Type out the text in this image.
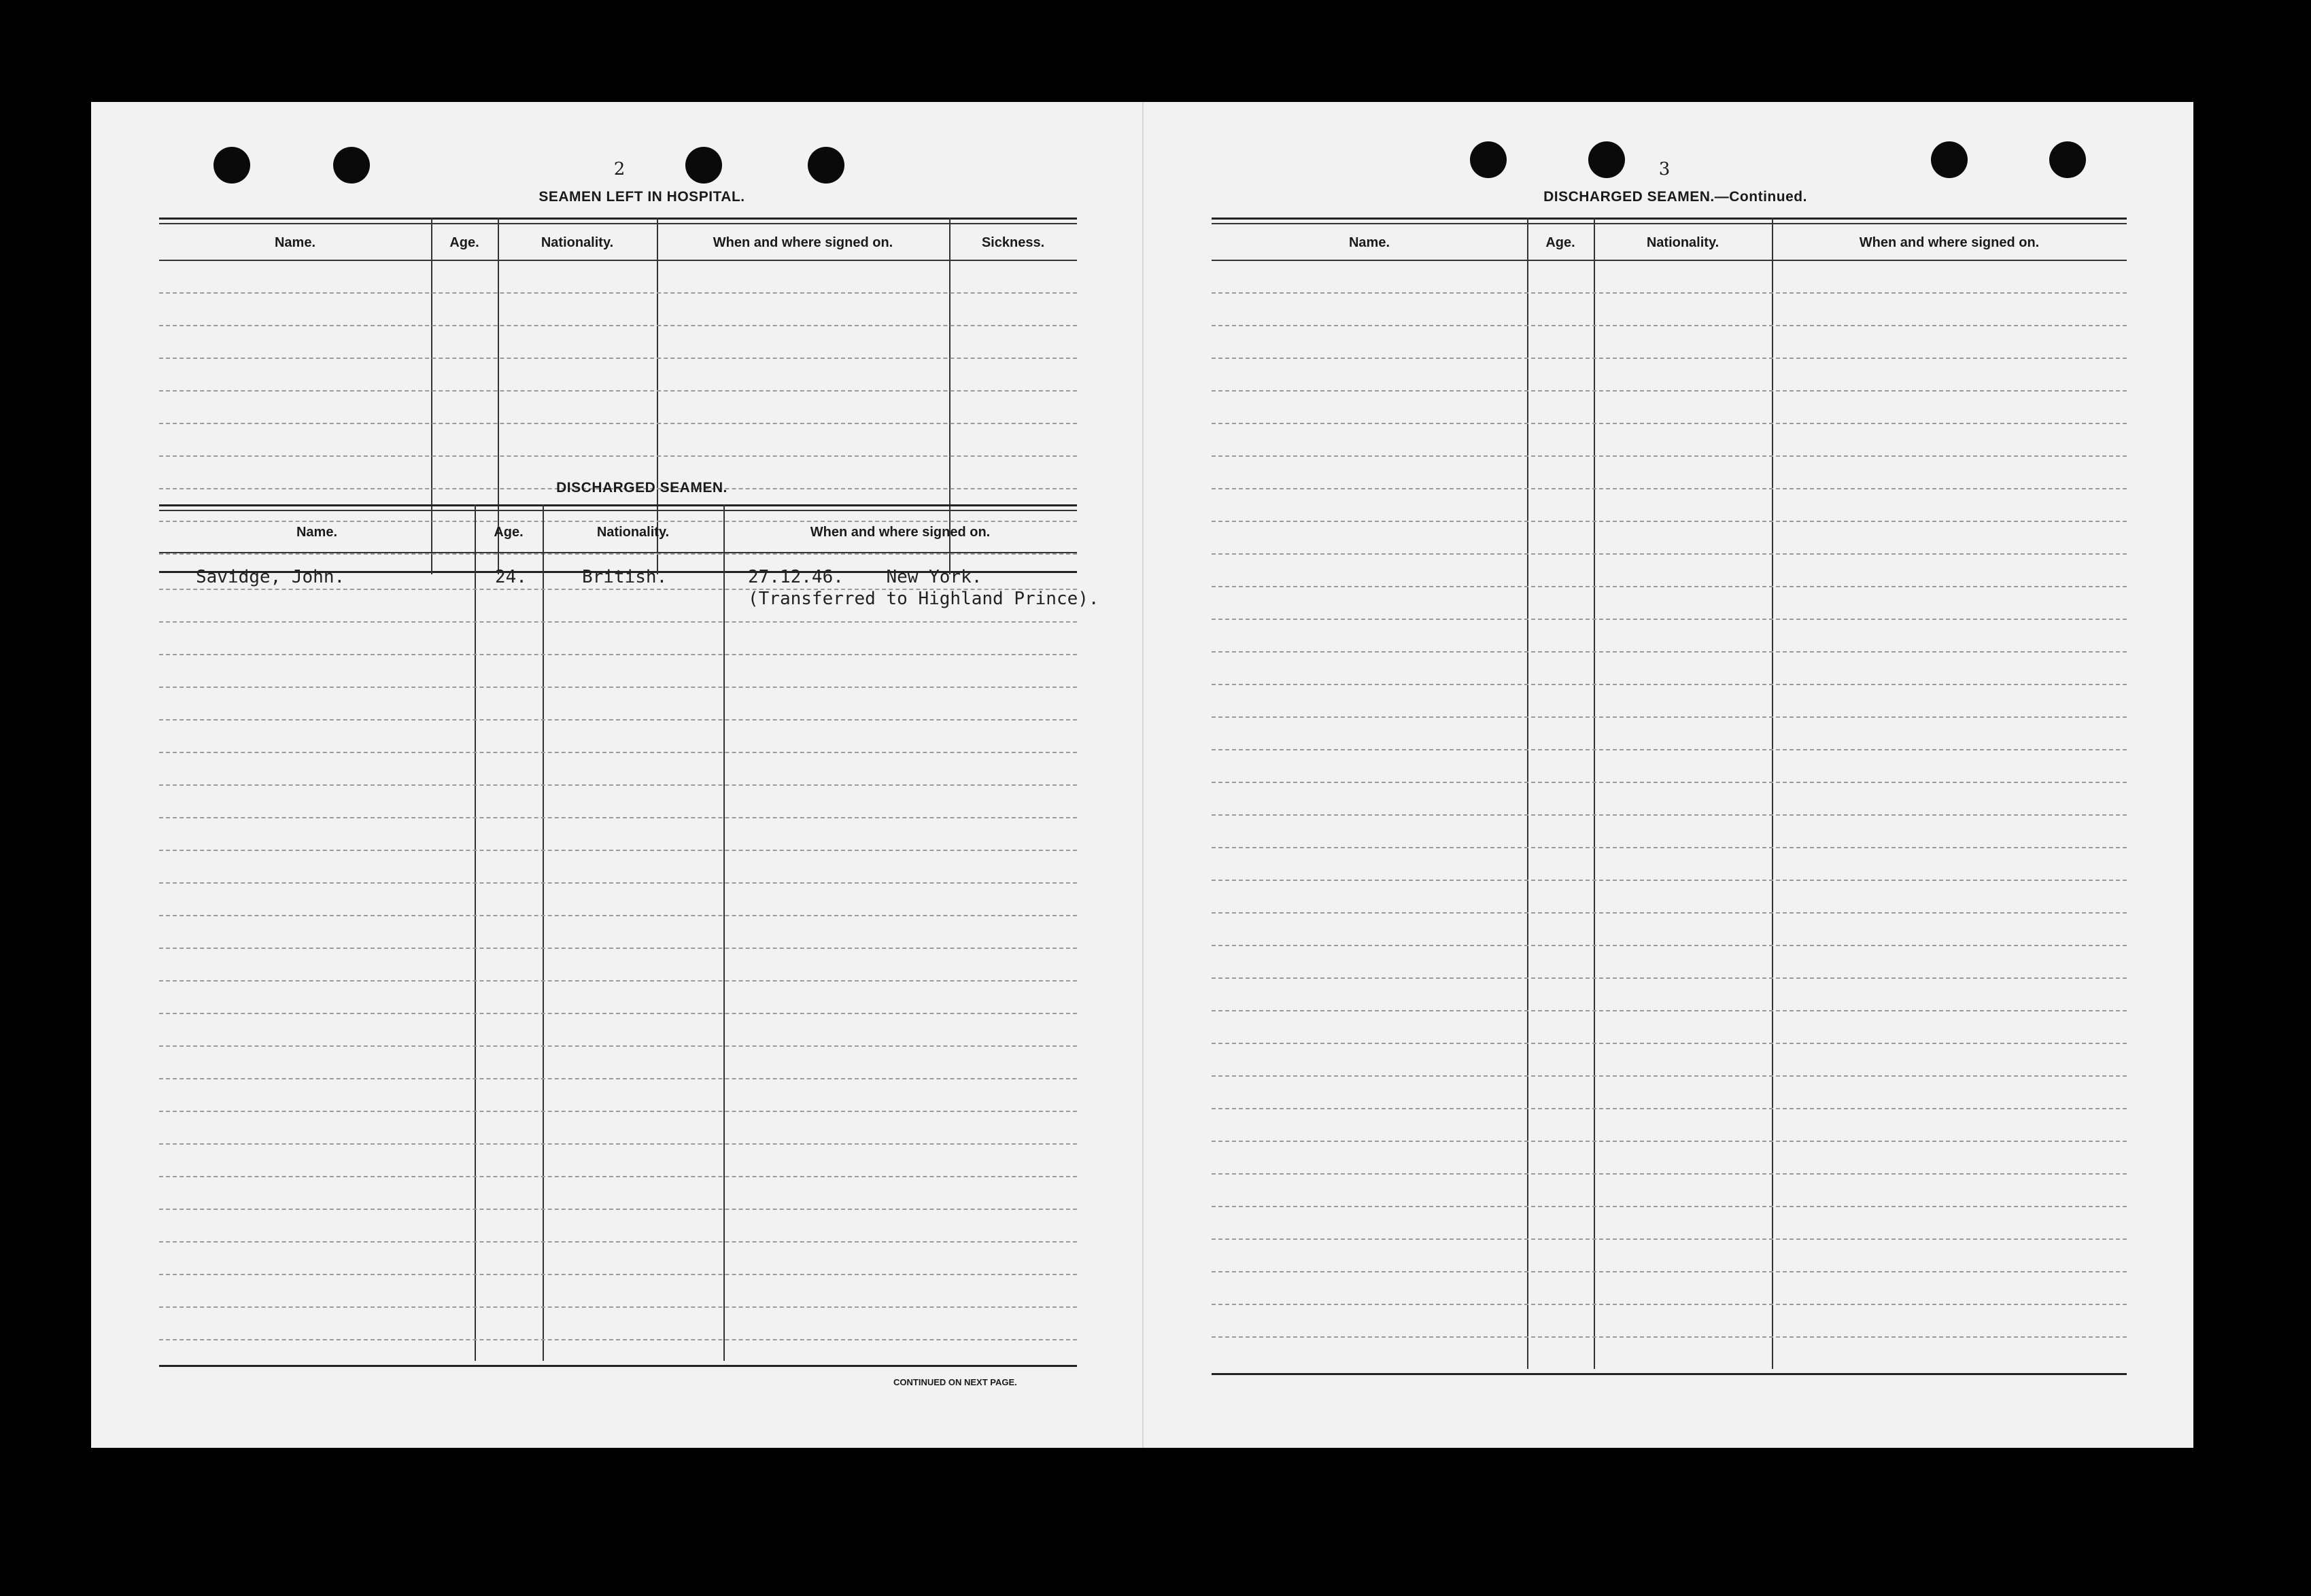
2
SEAMEN LEFT IN HOSPITAL.
Name.	Age.	Nationality.	When and where signed on.	Sickness.
DISCHARGED SEAMEN.
Name.	Age.	Nationality.	When and where signed on.
Savidge, John.	24.	British.	27.12.46.    New York.
(Transferred to Highland Prince).
CONTINUED ON NEXT PAGE.
3
DISCHARGED SEAMEN.—Continued.
Name.	Age.	Nationality.	When and where signed on.
